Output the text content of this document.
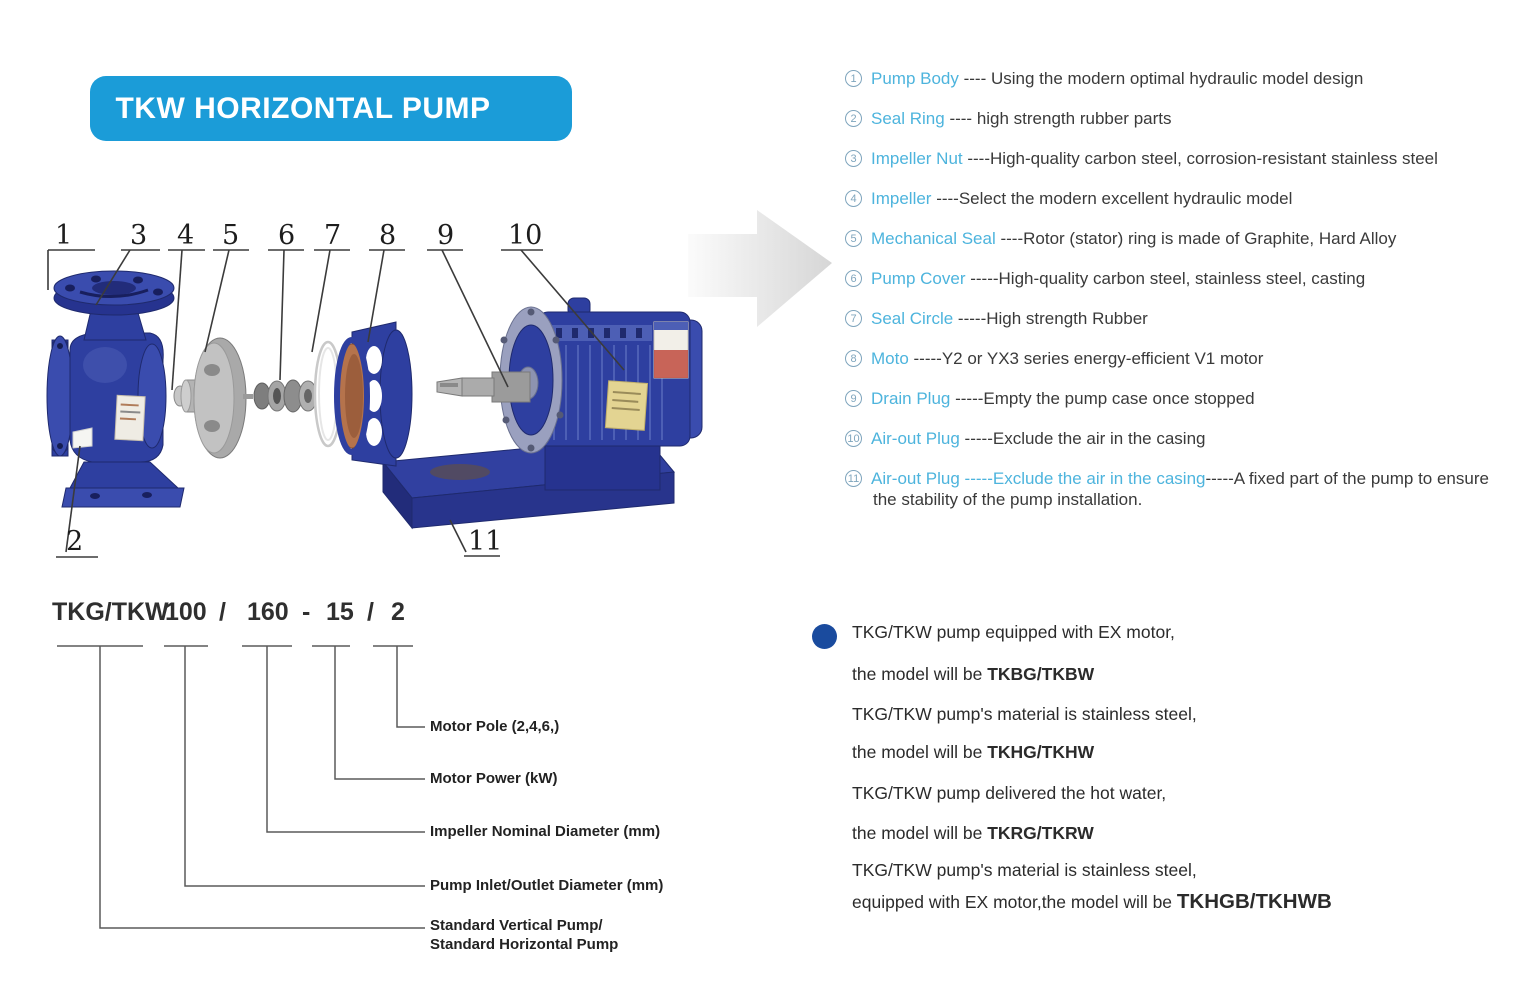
TKW HORIZONTAL PUMP
1 3 4 5 6 7 8 9 10
2	11
1 Pump Body ---- Using the modern optimal hydraulic model design
2 Seal Ring ---- high strength rubber parts
3 Impeller Nut ----High-quality carbon steel, corrosion-resistant stainless steel
4 Impeller ----Select the modern excellent hydraulic model
5 Mechanical Seal ----Rotor (stator) ring is made of Graphite, Hard Alloy
6 Pump Cover -----High-quality carbon steel, stainless steel, casting
7 Seal Circle -----High strength Rubber
8 Moto -----Y2 or YX3 series energy-efficient V1 motor
9 Drain Plug -----Empty the pump case once stopped
10 Air-out Plug -----Exclude the air in the casing
11 Air-out Plug -----Exclude the air in the casing-----A fixed part of the pump to ensure the stability of the pump installation.
TKG/TKW
100 / 160 - 15 / 2
Motor Pole (2,4,6,)
Motor Power (kW)
Impeller Nominal Diameter (mm)
Pump Inlet/Outlet Diameter (mm)
Standard Vertical Pump/
Standard Horizontal Pump
TKG/TKW pump equipped with EX motor,
the model will be TKBG/TKBW
TKG/TKW pump's material is stainless steel,
the model will be TKHG/TKHW
TKG/TKW pump delivered the hot water,
the model will be TKRG/TKRW
TKG/TKW pump's material is stainless steel,
equipped with EX motor,the model will be TKHGB/TKHWB
